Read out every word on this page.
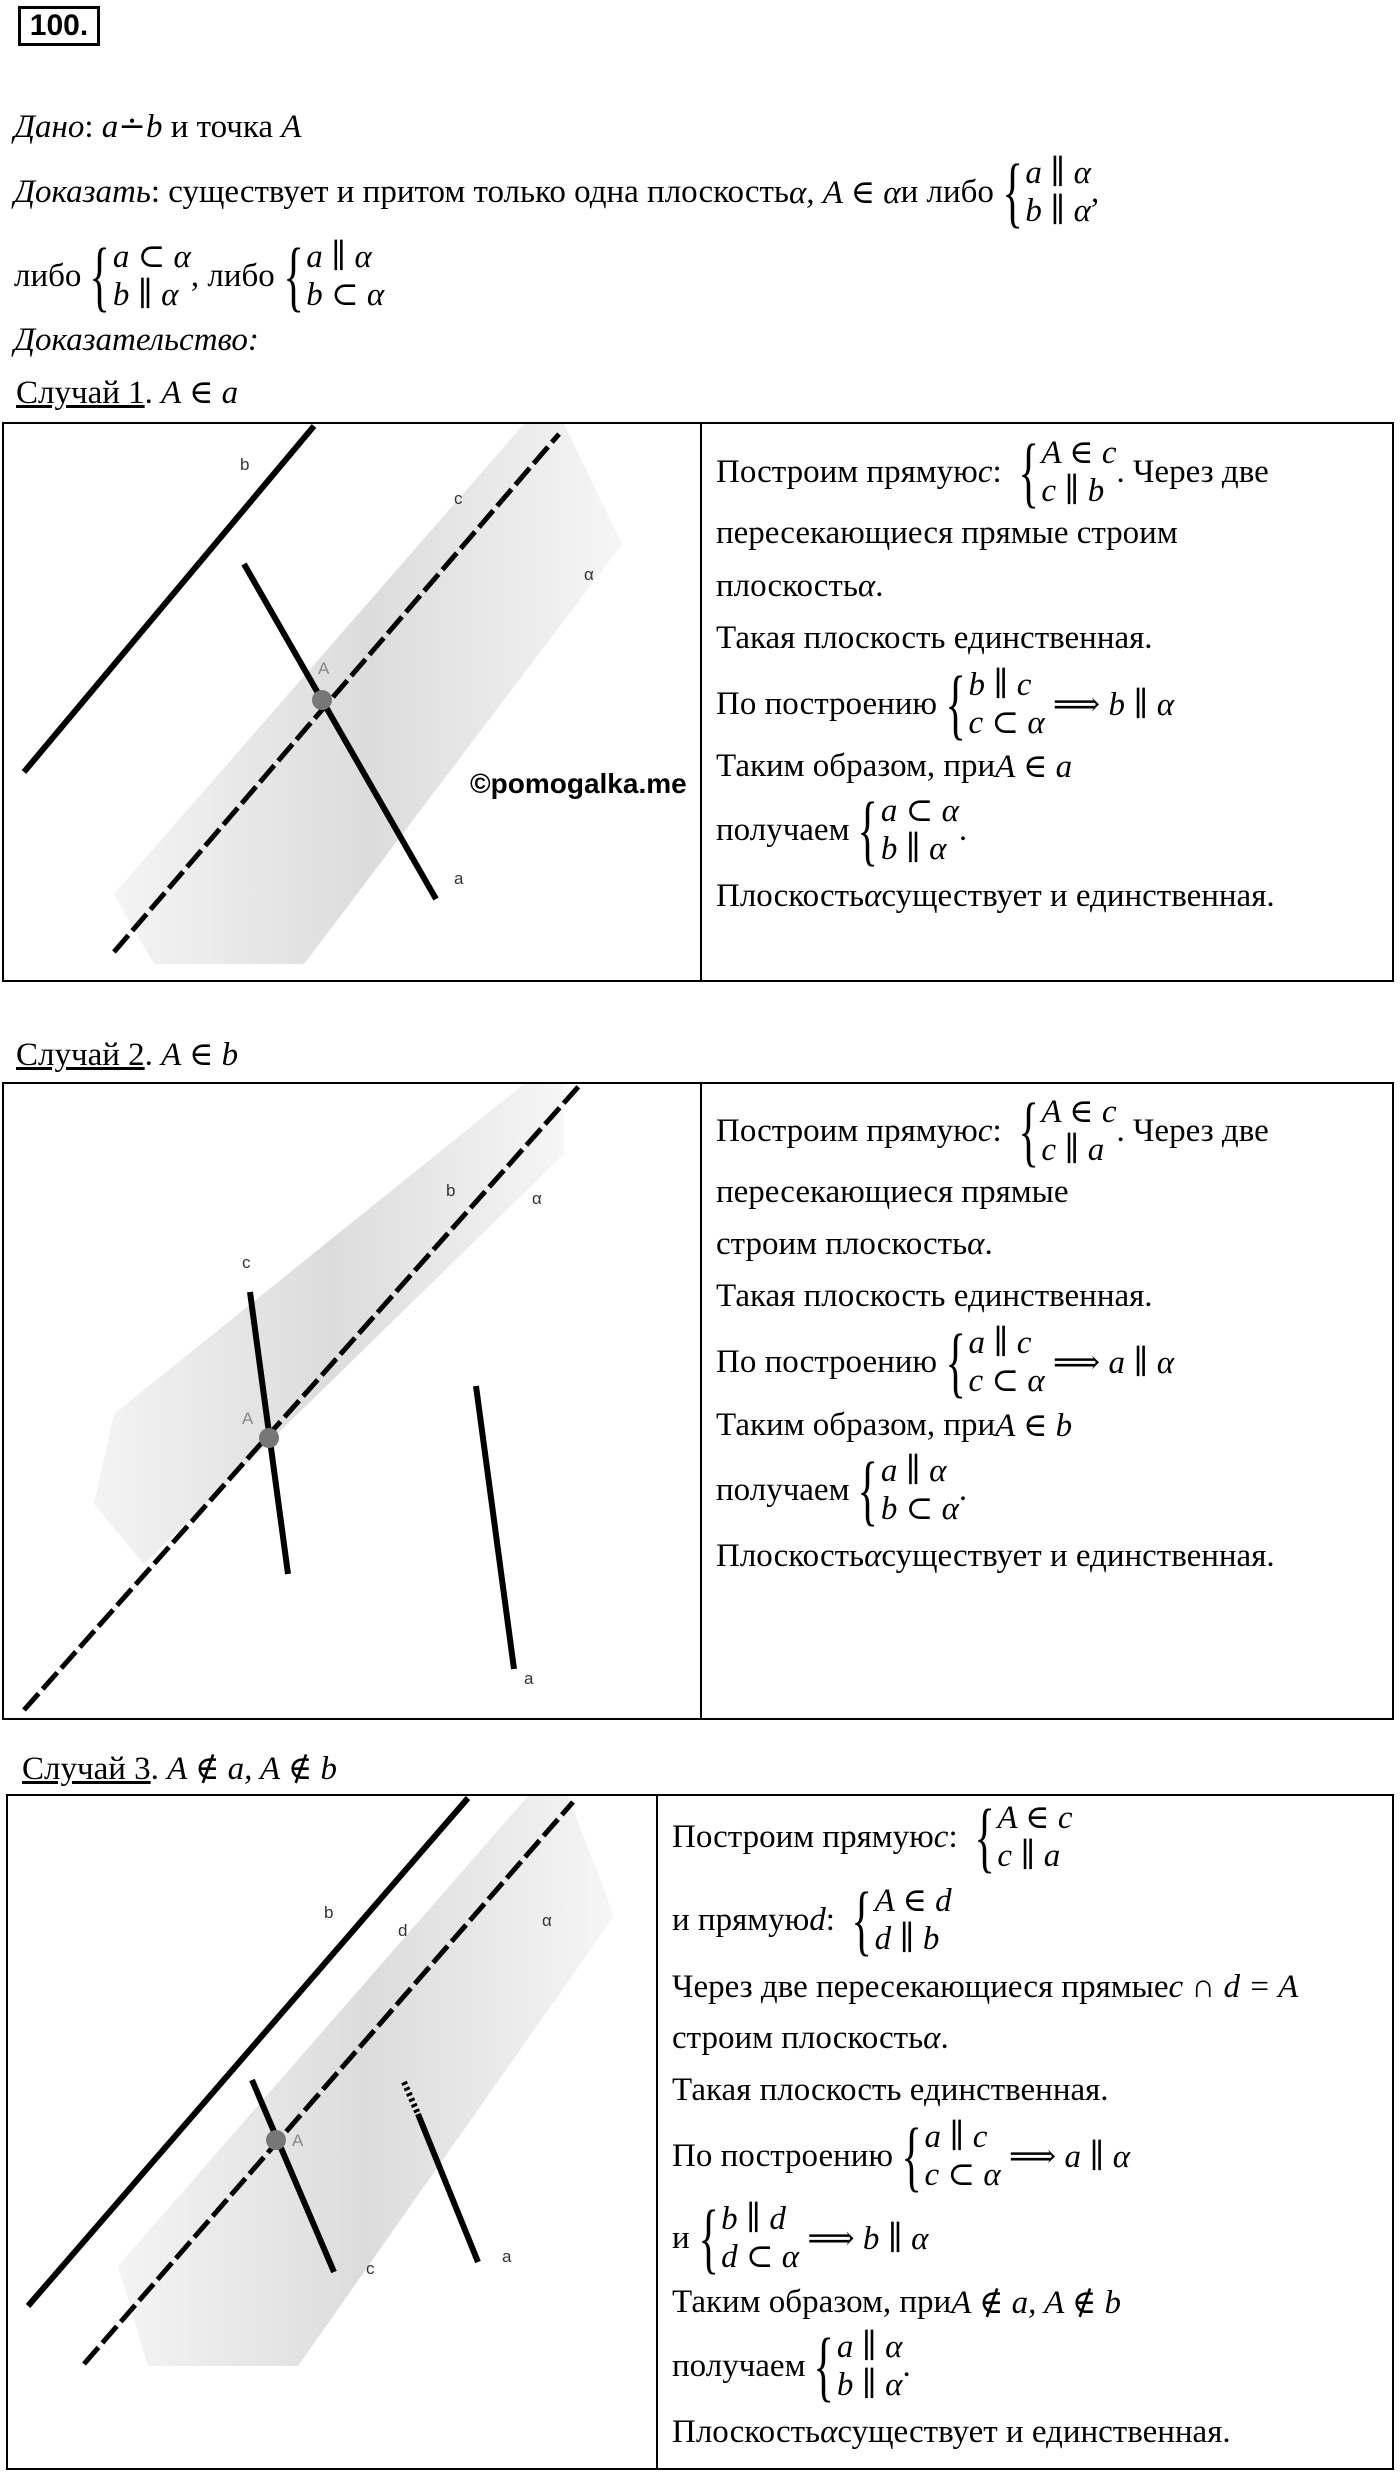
100.
Дано: a∸b и точка A
Доказать : существует и притом только одна плоскость α, A ∈ α и либо { a ∥ α
b ∥ α
,
либо { a ⊂ α
b ∥ α
, либо { a ∥ α
b ⊂ α
Доказательство:
Случай 1. A ∈ a
b
c
α
A
a
©pomogalka.me
Построим прямую c : { A ∈ c
c ∥ b
. Через две
пересекающиеся прямые строим
плоскость α .
Такая плоскость единственная.
По построению { b ∥ c
c ⊂ α
⟹ b ∥ α
Таким образом, при A ∈ a
получаем { a ⊂ α
b ∥ α
.
Плоскость α существует и единственная.
Случай 2. A ∈ b
c
b	α
A
a
Построим прямую c : { A ∈ c
c ∥ a
. Через две
пересекающиеся прямые
строим плоскость α .
Такая плоскость единственная.
По построению { a ∥ c
c ⊂ α
⟹ a ∥ α
Таким образом, при A ∈ b
получаем { a ∥ α
b ⊂ α
.
Плоскость α существует и единственная.
Случай 3. A ∉ a, A ∉ b
b
d
α
A
c
a
Построим прямую c : { A ∈ c
c ∥ a
и прямую d : { A ∈ d
d ∥ b
Через две пересекающиеся прямые c ∩ d = A
строим плоскость α .
Такая плоскость единственная.
По построению { a ∥ c
c ⊂ α
⟹ a ∥ α
и { b ∥ d
d ⊂ α
⟹ b ∥ α
Таким образом, при A ∉ a, A ∉ b
получаем { a ∥ α
b ∥ α
.
Плоскость α существует и единственная.
